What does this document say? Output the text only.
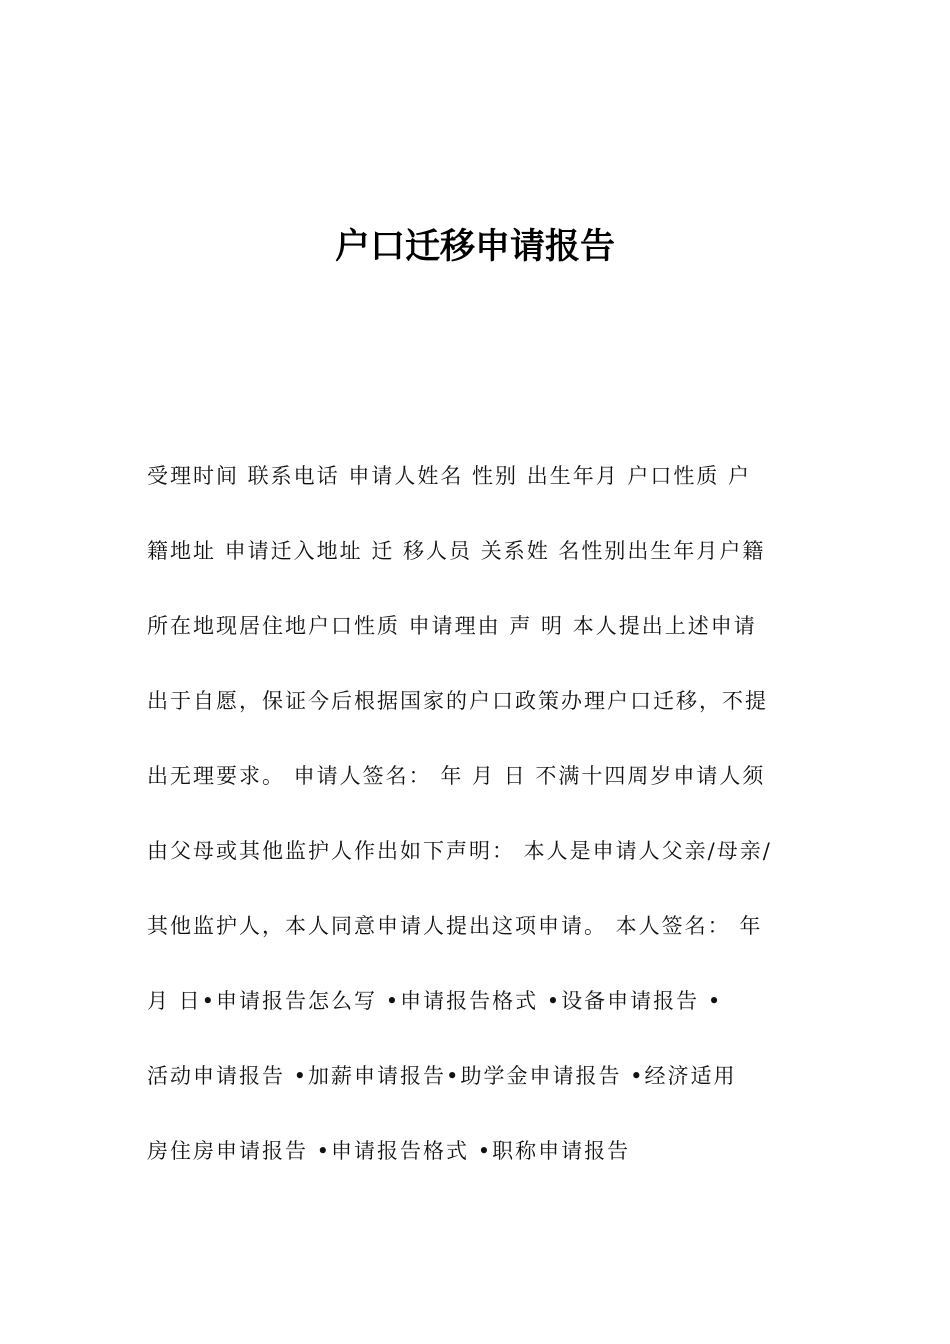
户口迁移申请报告
受理时间 联系电话 申请人姓名 性别 出生年月 户口性质 户
籍地址 申请迁入地址 迁 移人员 关系姓 名性别出生年月户籍
所在地现居住地户口性质 申请理由 声 明 本人提出上述申请
出于自愿，保证今后根据国家的户口政策办理户口迁移，不提
出无理要求。 申请人签名： 年 月 日 不满十四周岁申请人须
由父母或其他监护人作出如下声明： 本人是申请人父亲/母亲/
其他监护人，本人同意申请人提出这项申请。 本人签名： 年
月 日•申请报告怎么写 •申请报告格式 •设备申请报告 •
活动申请报告 •加薪申请报告•助学金申请报告 •经济适用
房住房申请报告 •申请报告格式 •职称申请报告
